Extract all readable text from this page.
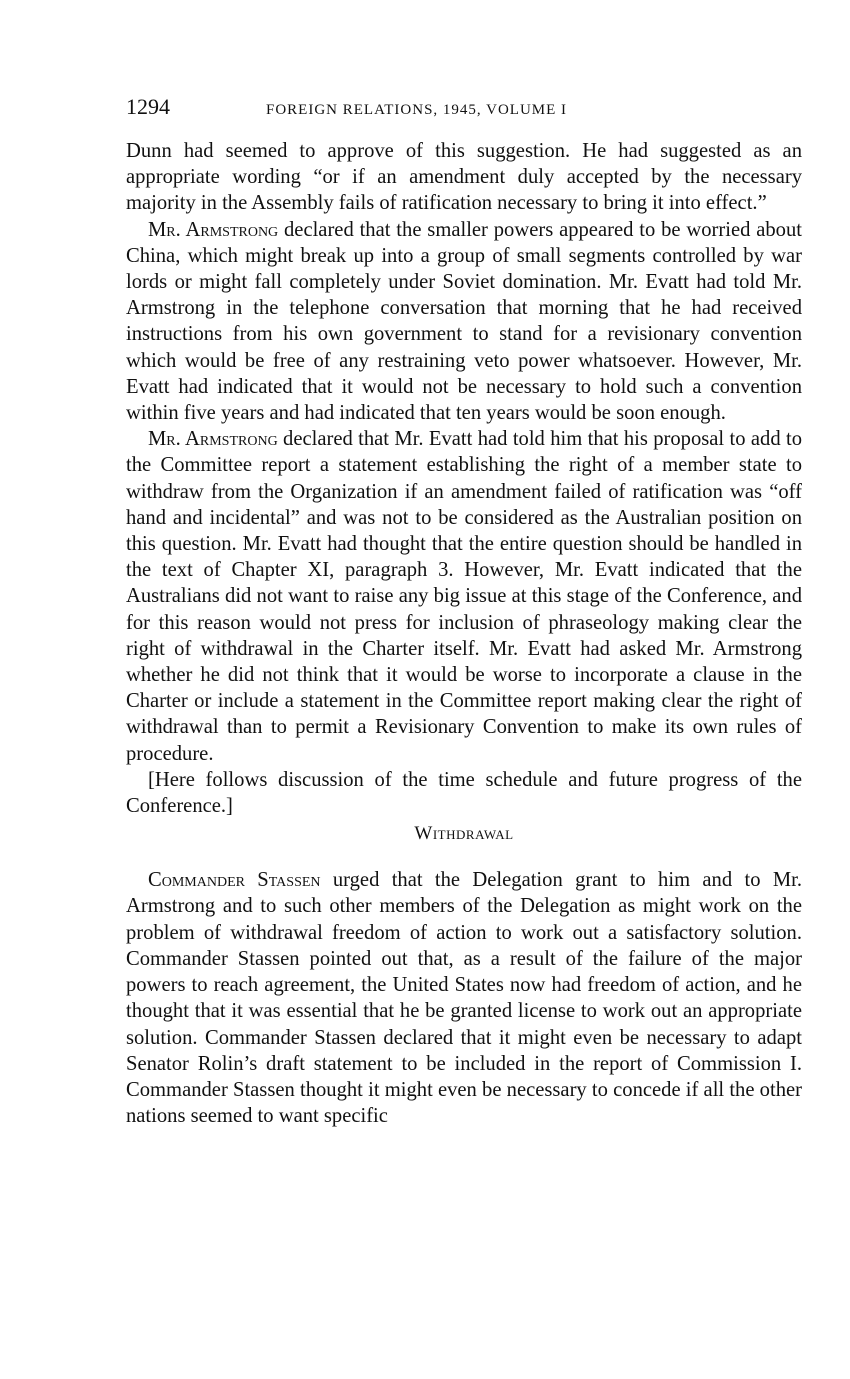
1294	FOREIGN RELATIONS, 1945, VOLUME I

Dunn had seemed to approve of this suggestion. He had suggested as an appropriate wording “or if an amendment duly accepted by the necessary majority in the Assembly fails of ratification necessary to bring it into effect.”

Mr. Armstrong declared that the smaller powers appeared to be worried about China, which might break up into a group of small segments controlled by war lords or might fall completely under Soviet domination. Mr. Evatt had told Mr. Armstrong in the telephone conversation that morning that he had received instructions from his own government to stand for a revisionary convention which would be free of any restraining veto power whatsoever. However, Mr. Evatt had indicated that it would not be necessary to hold such a convention within five years and had indicated that ten years would be soon enough.

Mr. Armstrong declared that Mr. Evatt had told him that his proposal to add to the Committee report a statement establishing the right of a member state to withdraw from the Organization if an amendment failed of ratification was “off hand and incidental” and was not to be considered as the Australian position on this question. Mr. Evatt had thought that the entire question should be handled in the text of Chapter XI, paragraph 3. However, Mr. Evatt indicated that the Australians did not want to raise any big issue at this stage of the Conference, and for this reason would not press for inclusion of phraseology making clear the right of withdrawal in the Charter itself. Mr. Evatt had asked Mr. Armstrong whether he did not think that it would be worse to incorporate a clause in the Charter or include a statement in the Committee report making clear the right of withdrawal than to permit a Revisionary Convention to make its own rules of procedure.

[Here follows discussion of the time schedule and future progress of the Conference.]

Withdrawal

Commander Stassen urged that the Delegation grant to him and to Mr. Armstrong and to such other members of the Delegation as might work on the problem of withdrawal freedom of action to work out a satisfactory solution. Commander Stassen pointed out that, as a result of the failure of the major powers to reach agreement, the United States now had freedom of action, and he thought that it was essential that he be granted license to work out an appropriate solution. Commander Stassen declared that it might even be necessary to adapt Senator Rolin’s draft statement to be included in the report of Commission I. Commander Stassen thought it might even be necessary to concede if all the other nations seemed to want specific
